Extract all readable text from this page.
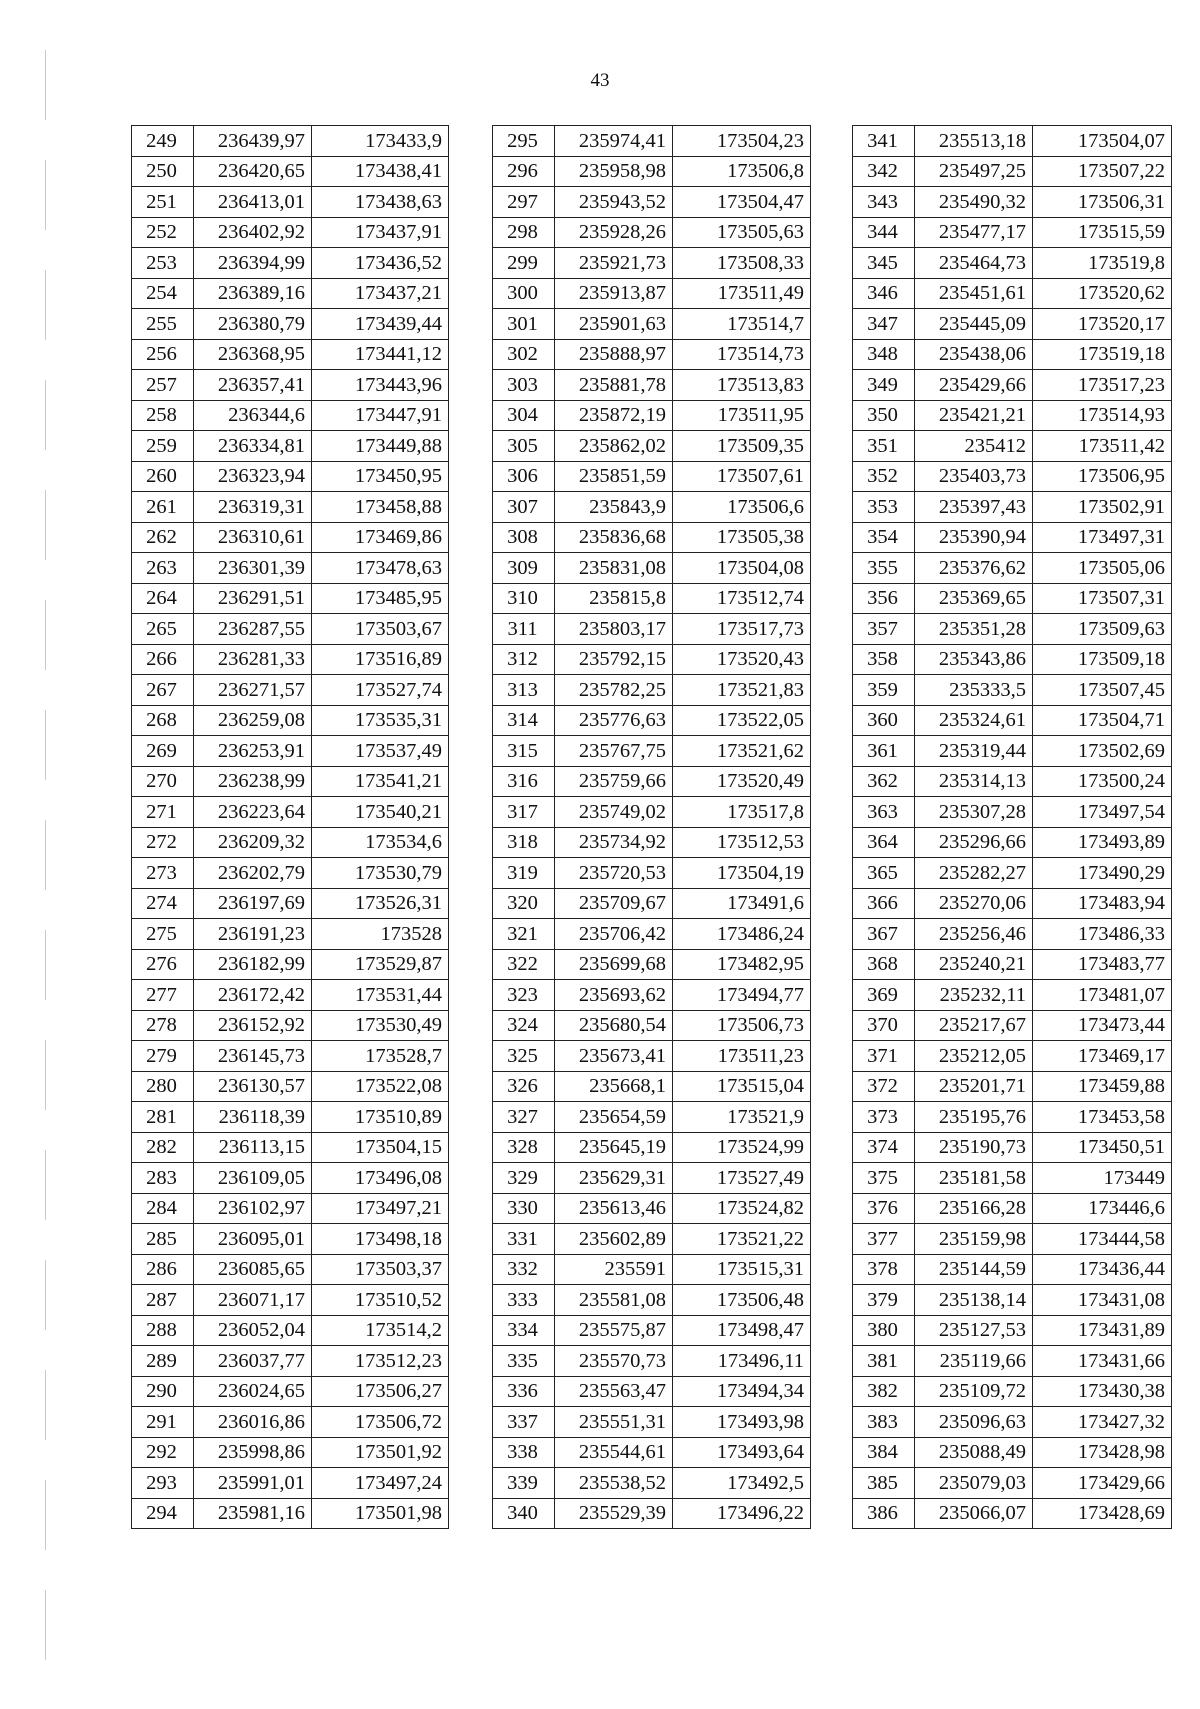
43
249	236439,97	173433,9
250	236420,65	173438,41
251	236413,01	173438,63
252	236402,92	173437,91
253	236394,99	173436,52
254	236389,16	173437,21
255	236380,79	173439,44
256	236368,95	173441,12
257	236357,41	173443,96
258	236344,6	173447,91
259	236334,81	173449,88
260	236323,94	173450,95
261	236319,31	173458,88
262	236310,61	173469,86
263	236301,39	173478,63
264	236291,51	173485,95
265	236287,55	173503,67
266	236281,33	173516,89
267	236271,57	173527,74
268	236259,08	173535,31
269	236253,91	173537,49
270	236238,99	173541,21
271	236223,64	173540,21
272	236209,32	173534,6
273	236202,79	173530,79
274	236197,69	173526,31
275	236191,23	173528
276	236182,99	173529,87
277	236172,42	173531,44
278	236152,92	173530,49
279	236145,73	173528,7
280	236130,57	173522,08
281	236118,39	173510,89
282	236113,15	173504,15
283	236109,05	173496,08
284	236102,97	173497,21
285	236095,01	173498,18
286	236085,65	173503,37
287	236071,17	173510,52
288	236052,04	173514,2
289	236037,77	173512,23
290	236024,65	173506,27
291	236016,86	173506,72
292	235998,86	173501,92
293	235991,01	173497,24
294	235981,16	173501,98
295	235974,41	173504,23
296	235958,98	173506,8
297	235943,52	173504,47
298	235928,26	173505,63
299	235921,73	173508,33
300	235913,87	173511,49
301	235901,63	173514,7
302	235888,97	173514,73
303	235881,78	173513,83
304	235872,19	173511,95
305	235862,02	173509,35
306	235851,59	173507,61
307	235843,9	173506,6
308	235836,68	173505,38
309	235831,08	173504,08
310	235815,8	173512,74
311	235803,17	173517,73
312	235792,15	173520,43
313	235782,25	173521,83
314	235776,63	173522,05
315	235767,75	173521,62
316	235759,66	173520,49
317	235749,02	173517,8
318	235734,92	173512,53
319	235720,53	173504,19
320	235709,67	173491,6
321	235706,42	173486,24
322	235699,68	173482,95
323	235693,62	173494,77
324	235680,54	173506,73
325	235673,41	173511,23
326	235668,1	173515,04
327	235654,59	173521,9
328	235645,19	173524,99
329	235629,31	173527,49
330	235613,46	173524,82
331	235602,89	173521,22
332	235591	173515,31
333	235581,08	173506,48
334	235575,87	173498,47
335	235570,73	173496,11
336	235563,47	173494,34
337	235551,31	173493,98
338	235544,61	173493,64
339	235538,52	173492,5
340	235529,39	173496,22
341	235513,18	173504,07
342	235497,25	173507,22
343	235490,32	173506,31
344	235477,17	173515,59
345	235464,73	173519,8
346	235451,61	173520,62
347	235445,09	173520,17
348	235438,06	173519,18
349	235429,66	173517,23
350	235421,21	173514,93
351	235412	173511,42
352	235403,73	173506,95
353	235397,43	173502,91
354	235390,94	173497,31
355	235376,62	173505,06
356	235369,65	173507,31
357	235351,28	173509,63
358	235343,86	173509,18
359	235333,5	173507,45
360	235324,61	173504,71
361	235319,44	173502,69
362	235314,13	173500,24
363	235307,28	173497,54
364	235296,66	173493,89
365	235282,27	173490,29
366	235270,06	173483,94
367	235256,46	173486,33
368	235240,21	173483,77
369	235232,11	173481,07
370	235217,67	173473,44
371	235212,05	173469,17
372	235201,71	173459,88
373	235195,76	173453,58
374	235190,73	173450,51
375	235181,58	173449
376	235166,28	173446,6
377	235159,98	173444,58
378	235144,59	173436,44
379	235138,14	173431,08
380	235127,53	173431,89
381	235119,66	173431,66
382	235109,72	173430,38
383	235096,63	173427,32
384	235088,49	173428,98
385	235079,03	173429,66
386	235066,07	173428,69
